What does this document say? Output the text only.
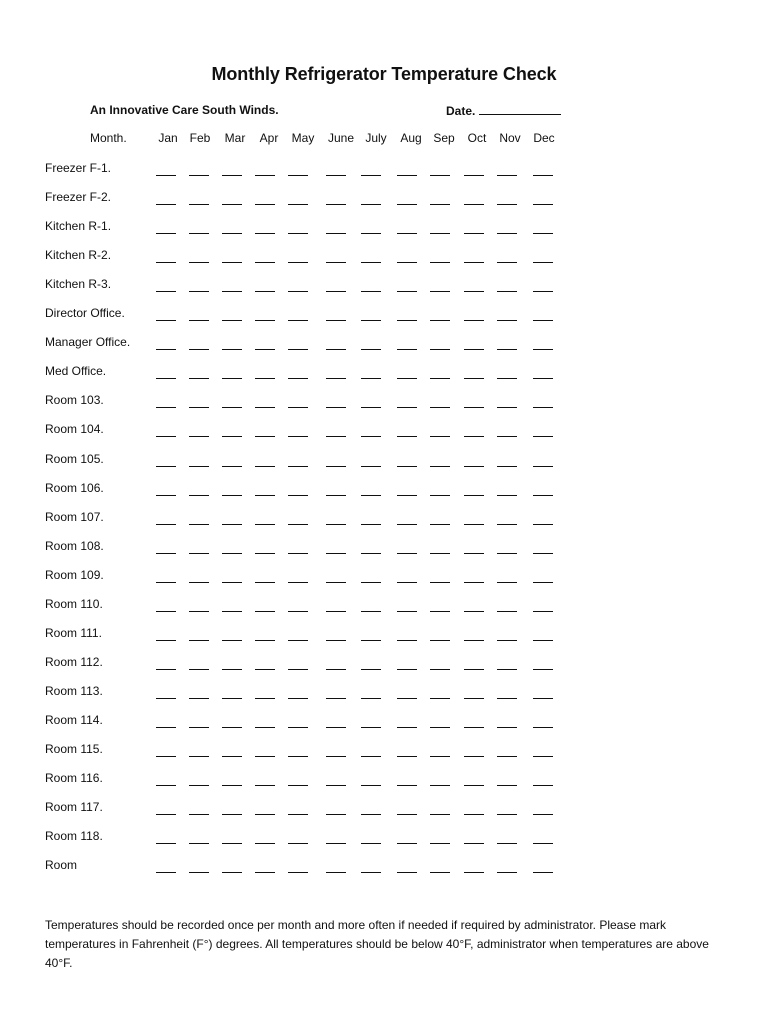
Monthly Refrigerator Temperature Check
An Innovative Care South Winds.	Date.
Month.	Jan Feb	Mar	Apr	May	June July	Aug Sep	Oct	Nov	Dec
Freezer F-1.
Freezer F-2.
Kitchen R-1.
Kitchen R-2.
Kitchen R-3.
Director Office.
Manager Office.
Med Office.
Room 103.
Room 104.
Room 105.
Room 106.
Room 107.
Room 108.
Room 109.
Room 110.
Room 111.
Room 112.
Room 113.
Room 114.
Room 115.
Room 116.
Room 117.
Room 118.
Room
Temperatures should be recorded once per month and more often if needed if required by administrator. Please mark temperatures in Fahrenheit (F°) degrees. All temperatures should be below 40°F, administrator when temperatures are above 40°F.
